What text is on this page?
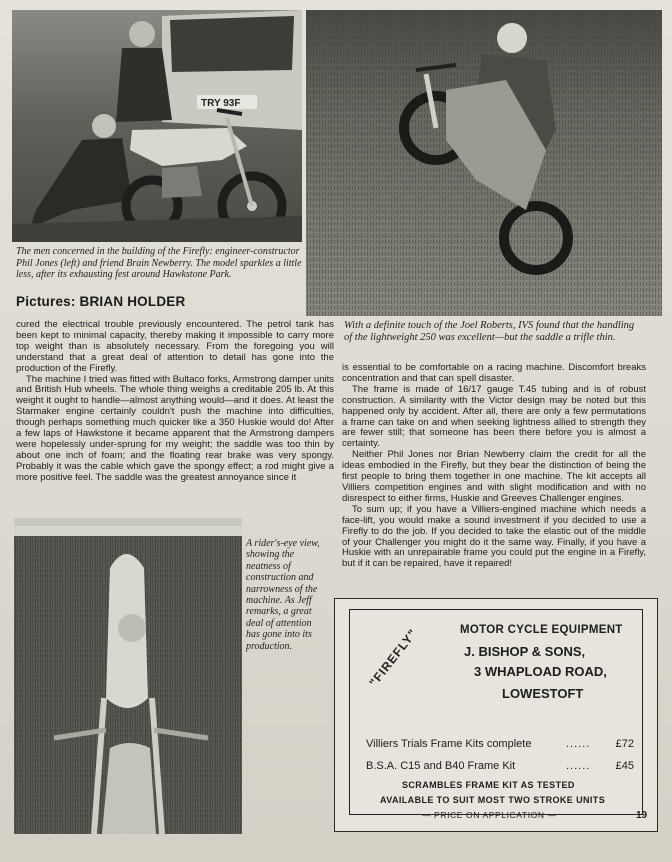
TRY 93F
The men concerned in the building of the Firefly: engineer-constructor Phil Jones (left) and friend Brain Newberry. The model sparkles a little less, after its exhausting fest around Hawkstone Park.
Pictures: BRIAN HOLDER
With a definite touch of the Joel Roberts, IVS found that the handling of the lightweight 250 was excellent—but the saddle a trifle thin.

cured the electrical trouble previously encountered. The petrol tank has been kept to minimal capacity, thereby making it impossible to carry more top weight than is absolutely necessary. From the foregoing you will understand that a great deal of attention to detail has gone into the production of the Firefly.

The machine I tried was fitted with Bultaco forks, Armstrong damper units and British Hub wheels. The whole thing weighs a creditable 205 lb. At this weight it ought to handle—almost anything would—and it does. At least the Starmaker engine certainly couldn't push the machine into difficulties, though perhaps something much quicker like a 350 Huskie would do! After a few laps of Hawkstone it became apparent that the Armstrong dampers were hopelessly under-sprung for my weight; the saddle was too thin by about one inch of foam; and the floating rear brake was very spongy. Probably it was the cable which gave the spongy effect; a rod might give a more positive feel. The saddle was the greatest annoyance since it

is essential to be comfortable on a racing machine. Discomfort breaks concentration and that can spell disaster.

The frame is made of 16/17 gauge T.45 tubing and is of robust construction. A similarity with the Victor design may be noted but this happened only by accident. After all, there are only a few permutations a frame can take on and when seeking lightness allied to strength they are fewer still; that someone has been there before you is almost a certainty.

Neither Phil Jones nor Brian Newberry claim the credit for all the ideas embodied in the Firefly, but they bear the distinction of being the first people to bring them together in one machine. The kit accepts all Villiers competition engines and with slight modification and with no disrespect to either firms, Huskie and Greeves Challenger engines.

To sum up; if you have a Villiers-engined machine which needs a face-lift, you would make a sound investment if you decided to use a Firefly to do the job. If you decided to take the elastic out of the middle of your Challenger you might do it the same way. Finally, if you have a Huskie with an unrepairable frame you could put the engine in a Firefly, but if it can be repaired, have it repaired!

A rider's-eye view, showing the neatness of construction and narrowness of the machine. As Jeff remarks, a great deal of attention has gone into its production.	"FIREFLY"	MOTOR CYCLE EQUIPMENT
J. BISHOP & SONS,
3 WHAPLOAD ROAD,
LOWESTOFT
Villiers Trials Frame Kits complete	...... £72
B.S.A. C15 and B40 Frame Kit	...... £45
SCRAMBLES FRAME KIT AS TESTED
AVAILABLE TO SUIT MOST TWO STROKE UNITS
— PRICE ON APPLICATION —	19
